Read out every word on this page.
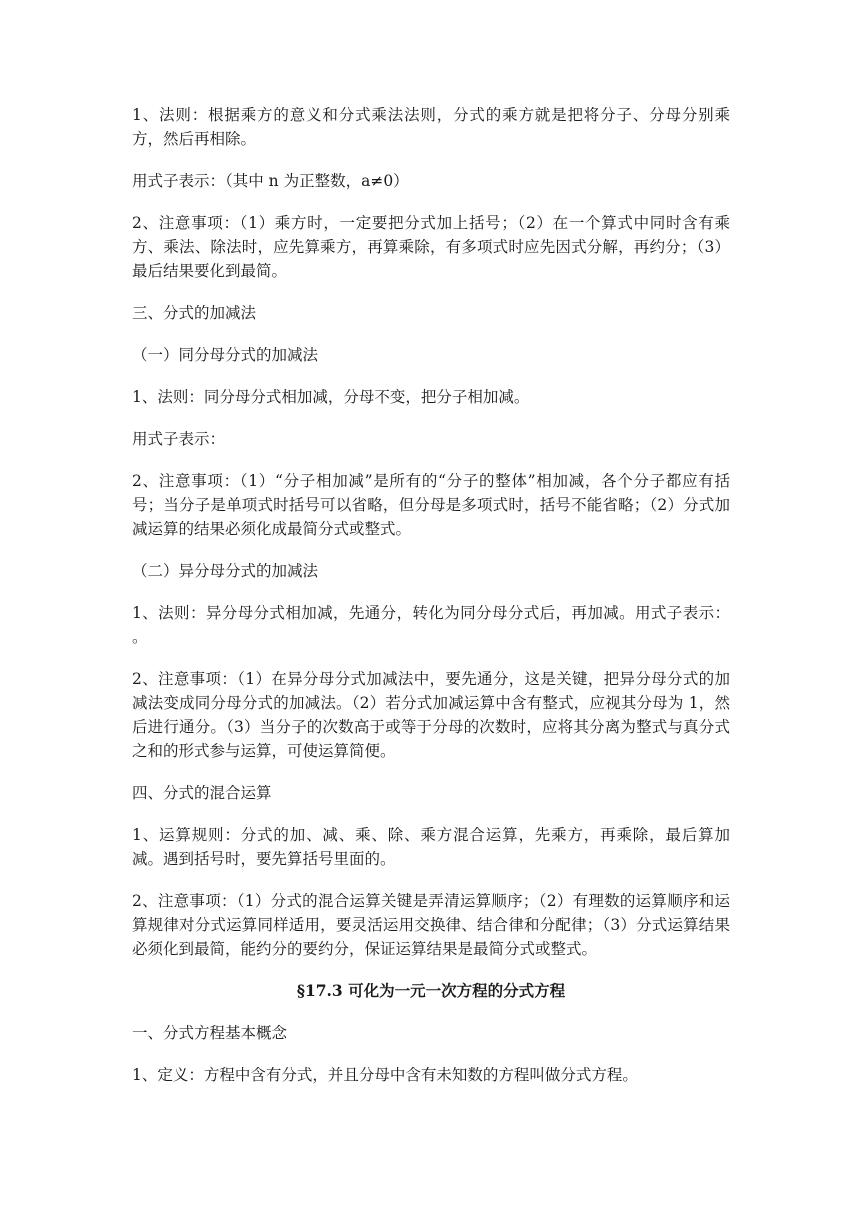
1、法则：根据乘方的意义和分式乘法法则，分式的乘方就是把将分子、分母分别乘方，然后再相除。

用式子表示：（其中 n 为正整数，a≠0）

2、注意事项：（1）乘方时，一定要把分式加上括号；（2）在一个算式中同时含有乘方、乘法、除法时，应先算乘方，再算乘除，有多项式时应先因式分解，再约分；（3）最后结果要化到最简。

三、分式的加减法

（一）同分母分式的加减法

1、法则：同分母分式相加减，分母不变，把分子相加减。

用式子表示：

2、注意事项：（1）“分子相加减”是所有的“分子的整体”相加减，各个分子都应有括号；当分子是单项式时括号可以省略，但分母是多项式时，括号不能省略；（2）分式加减运算的结果必须化成最简分式或整式。

（二）异分母分式的加减法

1、法则：异分母分式相加减，先通分，转化为同分母分式后，再加减。用式子表示： 。

2、注意事项：（1）在异分母分式加减法中，要先通分，这是关键，把异分母分式的加减法变成同分母分式的加减法。（2）若分式加减运算中含有整式，应视其分母为 1，然后进行通分。（3）当分子的次数高于或等于分母的次数时，应将其分离为整式与真分式之和的形式参与运算，可使运算简便。

四、分式的混合运算

1、运算规则：分式的加、减、乘、除、乘方混合运算，先乘方，再乘除，最后算加减。遇到括号时，要先算括号里面的。

2、注意事项：（1）分式的混合运算关键是弄清运算顺序；（2）有理数的运算顺序和运算规律对分式运算同样适用，要灵活运用交换律、结合律和分配律；（3）分式运算结果必须化到最简，能约分的要约分，保证运算结果是最简分式或整式。

§17.3 可化为一元一次方程的分式方程

一、分式方程基本概念

1、定义：方程中含有分式，并且分母中含有未知数的方程叫做分式方程。
